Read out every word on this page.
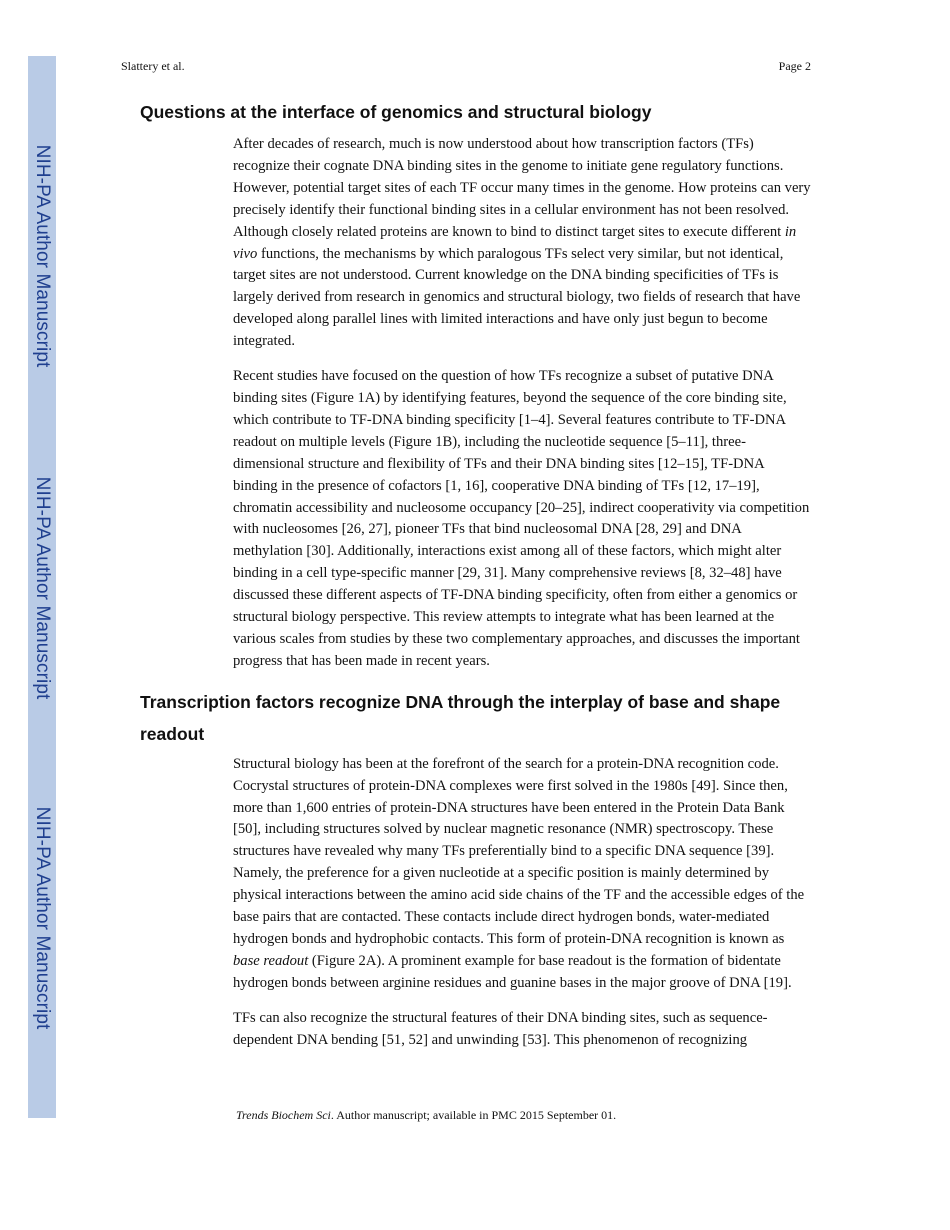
NIH-PA Author Manuscript
NIH-PA Author Manuscript
NIH-PA Author Manuscript
Slattery et al.	Page 2
Questions at the interface of genomics and structural biology

After decades of research, much is now understood about how transcription factors (TFs) recognize their cognate DNA binding sites in the genome to initiate gene regulatory functions. However, potential target sites of each TF occur many times in the genome. How proteins can very precisely identify their functional binding sites in a cellular environment has not been resolved. Although closely related proteins are known to bind to distinct target sites to execute different in vivo functions, the mechanisms by which paralogous TFs select very similar, but not identical, target sites are not understood. Current knowledge on the DNA binding specificities of TFs is largely derived from research in genomics and structural biology, two fields of research that have developed along parallel lines with limited interactions and have only just begun to become integrated.

Recent studies have focused on the question of how TFs recognize a subset of putative DNA binding sites (Figure 1A) by identifying features, beyond the sequence of the core binding site, which contribute to TF-DNA binding specificity [1–4]. Several features contribute to TF-DNA readout on multiple levels (Figure 1B), including the nucleotide sequence [5–11], three-dimensional structure and flexibility of TFs and their DNA binding sites [12–15], TF-DNA binding in the presence of cofactors [1, 16], cooperative DNA binding of TFs [12, 17–19], chromatin accessibility and nucleosome occupancy [20–25], indirect cooperativity via competition with nucleosomes [26, 27], pioneer TFs that bind nucleosomal DNA [28, 29] and DNA methylation [30]. Additionally, interactions exist among all of these factors, which might alter binding in a cell type-specific manner [29, 31]. Many comprehensive reviews [8, 32–48] have discussed these different aspects of TF-DNA binding specificity, often from either a genomics or structural biology perspective. This review attempts to integrate what has been learned at the various scales from studies by these two complementary approaches, and discusses the important progress that has been made in recent years.

Transcription factors recognize DNA through the interplay of base and shape readout

Structural biology has been at the forefront of the search for a protein-DNA recognition code. Cocrystal structures of protein-DNA complexes were first solved in the 1980s [49]. Since then, more than 1,600 entries of protein-DNA structures have been entered in the Protein Data Bank [50], including structures solved by nuclear magnetic resonance (NMR) spectroscopy. These structures have revealed why many TFs preferentially bind to a specific DNA sequence [39]. Namely, the preference for a given nucleotide at a specific position is mainly determined by physical interactions between the amino acid side chains of the TF and the accessible edges of the base pairs that are contacted. These contacts include direct hydrogen bonds, water-mediated hydrogen bonds and hydrophobic contacts. This form of protein-DNA recognition is known as base readout (Figure 2A). A prominent example for base readout is the formation of bidentate hydrogen bonds between arginine residues and guanine bases in the major groove of DNA [19].

TFs can also recognize the structural features of their DNA binding sites, such as sequence-dependent DNA bending [51, 52] and unwinding [53]. This phenomenon of recognizing

Trends Biochem Sci. Author manuscript; available in PMC 2015 September 01.
